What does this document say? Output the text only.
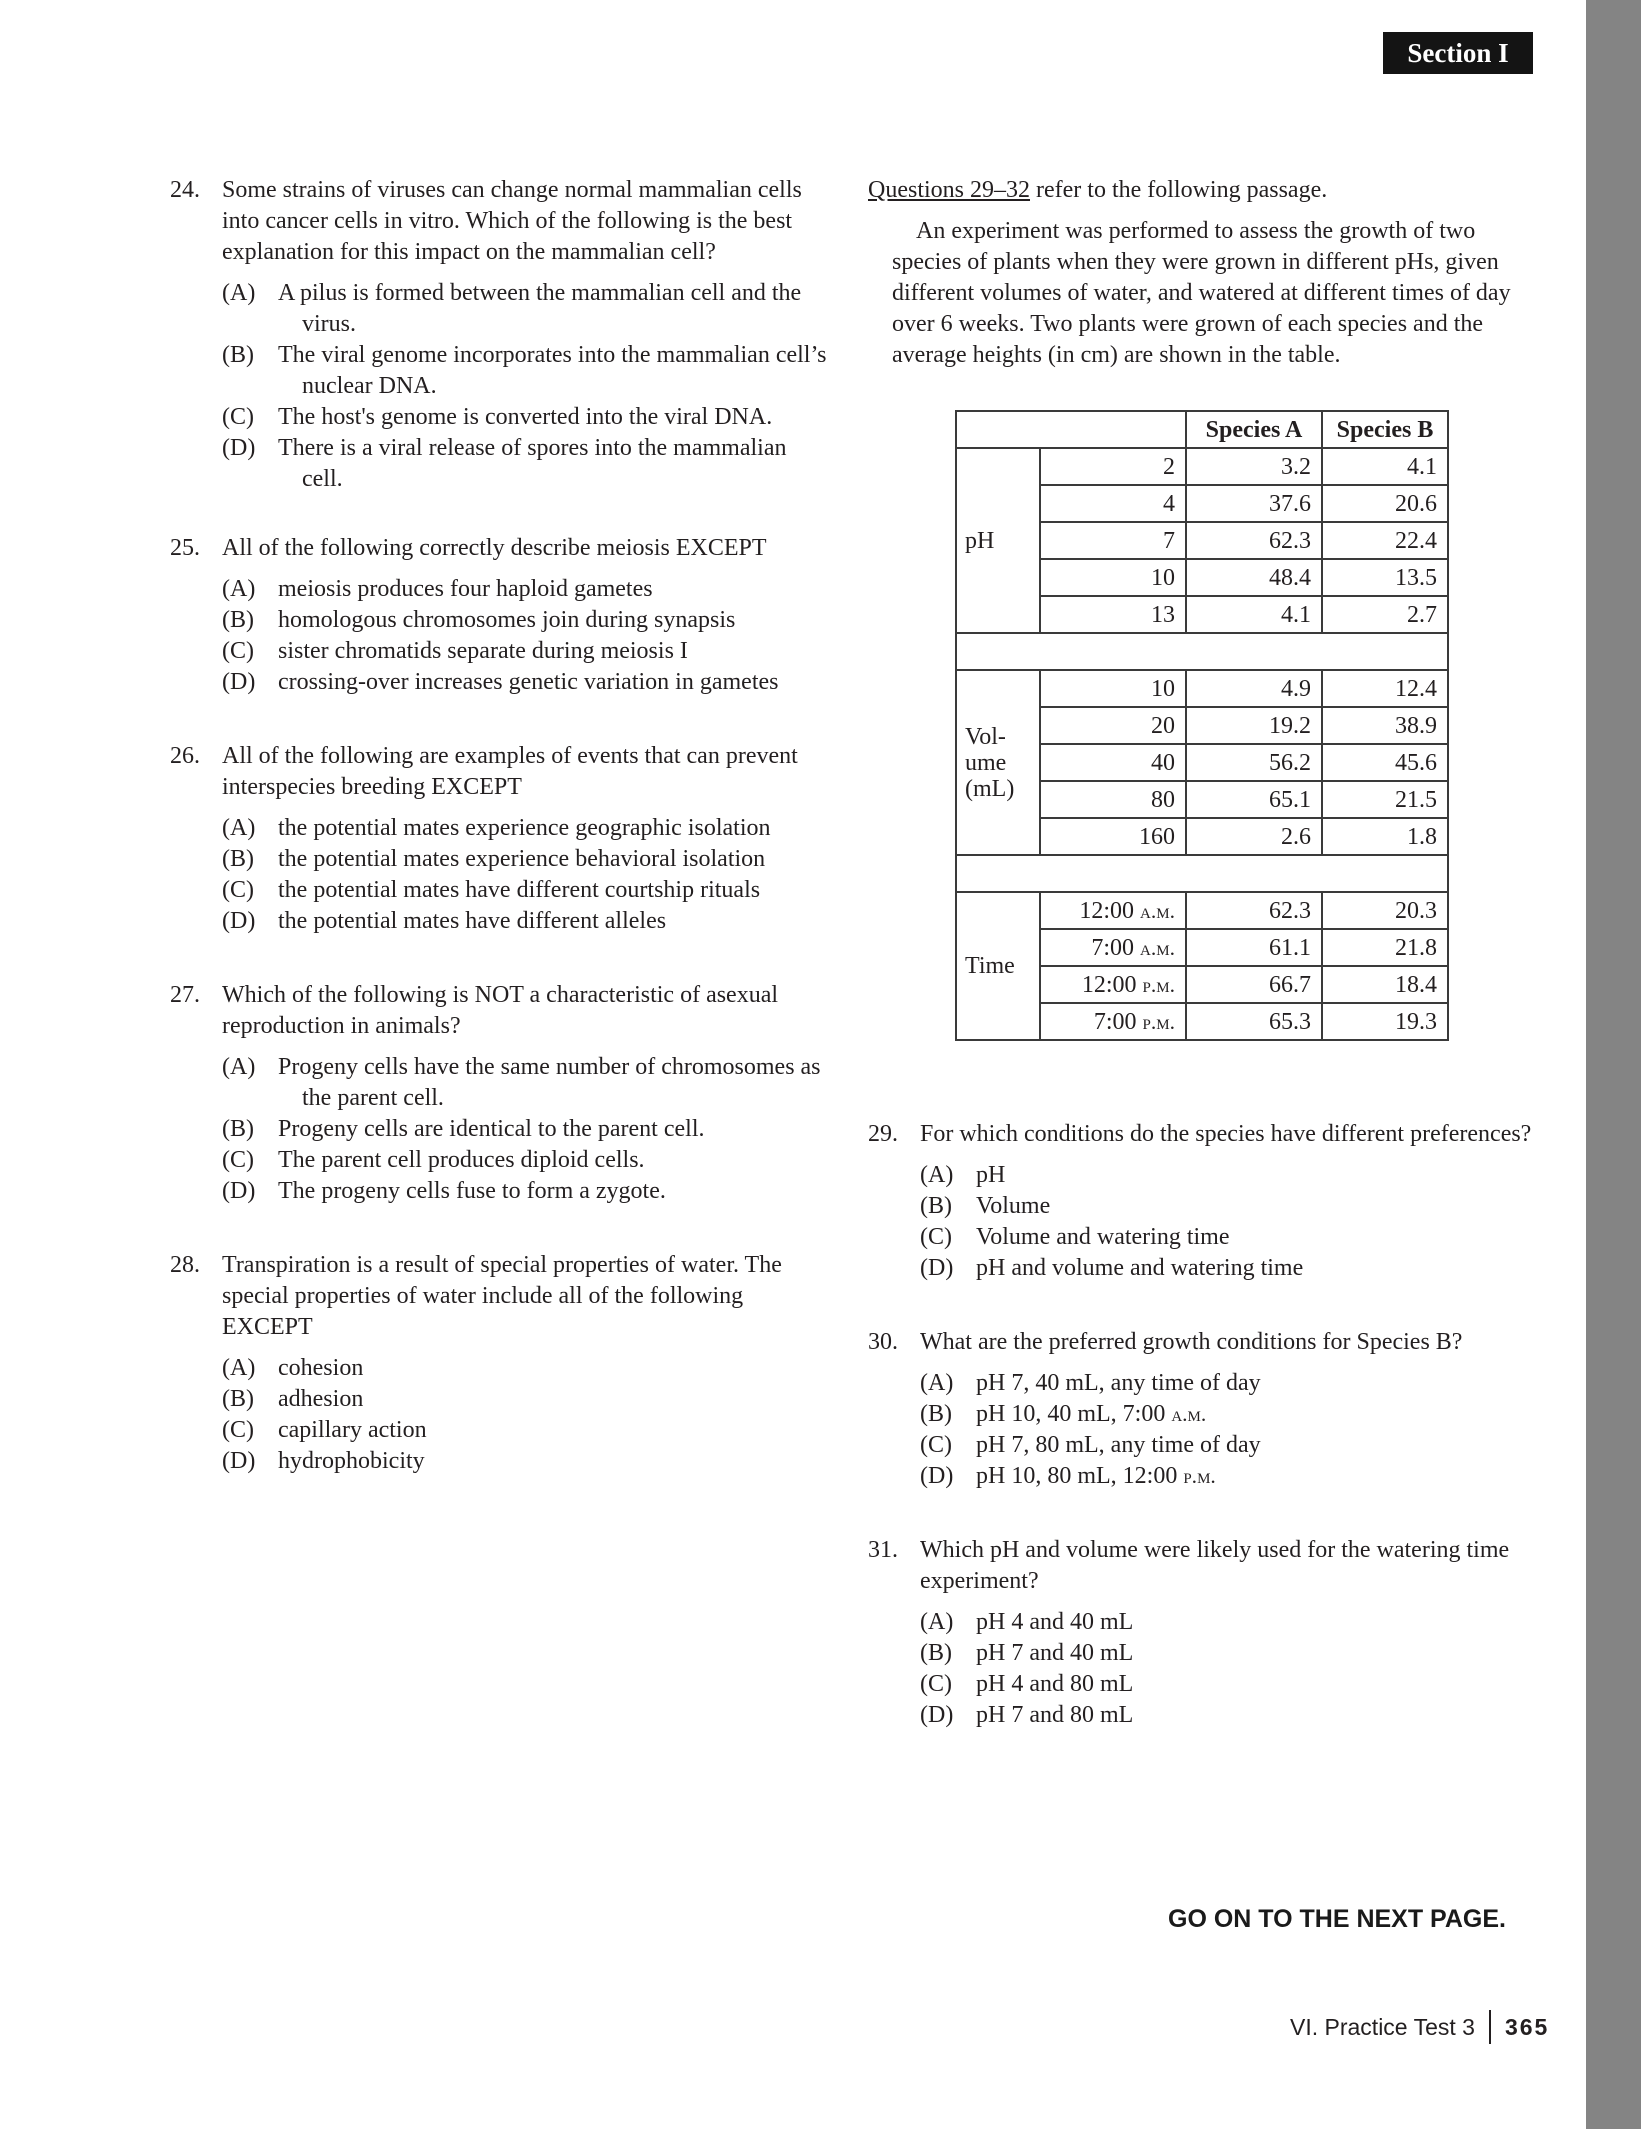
Section I
24. Some strains of viruses can change normal mammalian cells into cancer cells in vitro. Which of the following is the best explanation for this impact on the mammalian cell?
(A) A pilus is formed between the mammalian cell and the virus.
(B) The viral genome incorporates into the mammalian cell’s nuclear DNA.
(C) The host's genome is converted into the viral DNA.
(D) There is a viral release of spores into the mammalian cell.
25. All of the following correctly describe meiosis EXCEPT
(A) meiosis produces four haploid gametes
(B) homologous chromosomes join during synapsis
(C) sister chromatids separate during meiosis I
(D) crossing-over increases genetic variation in gametes
26. All of the following are examples of events that can prevent interspecies breeding EXCEPT
(A) the potential mates experience geographic isolation
(B) the potential mates experience behavioral isolation
(C) the potential mates have different courtship rituals
(D) the potential mates have different alleles
27. Which of the following is NOT a characteristic of asexual reproduction in animals?
(A) Progeny cells have the same number of chromosomes as the parent cell.
(B) Progeny cells are identical to the parent cell.
(C) The parent cell produces diploid cells.
(D) The progeny cells fuse to form a zygote.
28. Transpiration is a result of special properties of water. The special properties of water include all of the following EXCEPT
(A) cohesion
(B) adhesion
(C) capillary action
(D) hydrophobicity
Questions 29–32 refer to the following passage.
An experiment was performed to assess the growth of two species of plants when they were grown in different pHs, given different volumes of water, and watered at different times of day over 6 weeks. Two plants were grown of each species and the average heights (in cm) are shown in the table.
		Species A	Species B
pH	2	3.2	4.1
	4	37.6	20.6
	7	62.3	22.4
	10	48.4	13.5
	13	4.1	2.7

Vol-
ume
(mL)	10	4.9	12.4
	20	19.2	38.9
	40	56.2	45.6
	80	65.1	21.5
	160	2.6	1.8

Time	12:00 a.m.	62.3	20.3
	7:00 a.m.	61.1	21.8
	12:00 p.m.	66.7	18.4
	7:00 p.m.	65.3	19.3
29. For which conditions do the species have different preferences?
(A) pH
(B) Volume
(C) Volume and watering time
(D) pH and volume and watering time
30. What are the preferred growth conditions for Species B?
(A) pH 7, 40 mL, any time of day
(B) pH 10, 40 mL, 7:00 a.m.
(C) pH 7, 80 mL, any time of day
(D) pH 10, 80 mL, 12:00 p.m.
31. Which pH and volume were likely used for the watering time experiment?
(A) pH 4 and 40 mL
(B) pH 7 and 40 mL
(C) pH 4 and 80 mL
(D) pH 7 and 80 mL
GO ON TO THE NEXT PAGE.
VI. Practice Test 3 365
